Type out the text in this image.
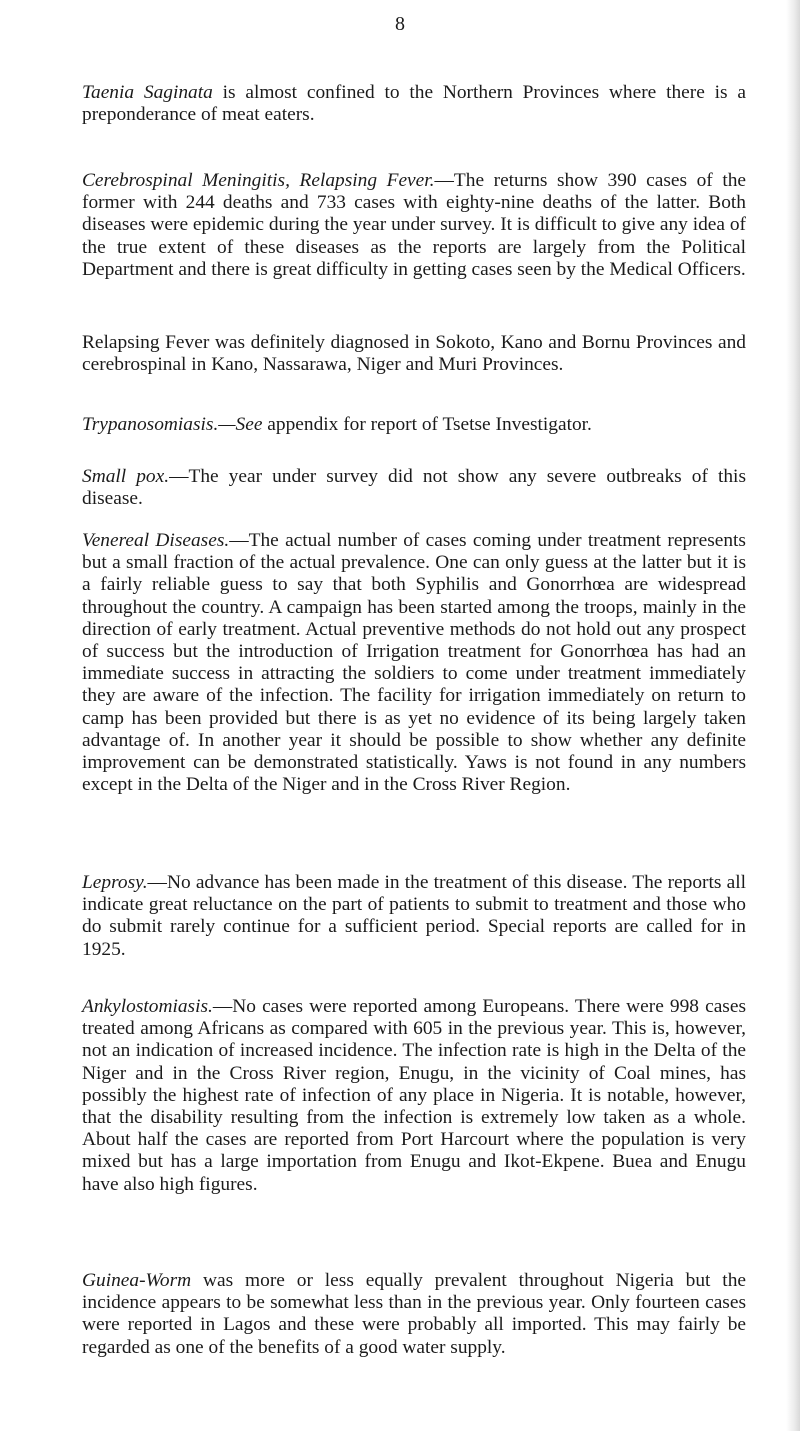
8

Taenia Saginata is almost confined to the Northern Provinces where there is a preponderance of meat eaters.

Cerebrospinal Meningitis, Relapsing Fever.—The returns show 390 cases of the former with 244 deaths and 733 cases with eighty-nine deaths of the latter. Both diseases were epidemic during the year under survey. It is difficult to give any idea of the true extent of these diseases as the reports are largely from the Political Department and there is great difficulty in getting cases seen by the Medical Officers.

Relapsing Fever was definitely diagnosed in Sokoto, Kano and Bornu Provinces and cerebrospinal in Kano, Nassarawa, Niger and Muri Provinces.

Trypanosomiasis.—See appendix for report of Tsetse Investigator.

Small pox.—The year under survey did not show any severe outbreaks of this disease.

Venereal Diseases.—The actual number of cases coming under treatment represents but a small fraction of the actual prevalence. One can only guess at the latter but it is a fairly reliable guess to say that both Syphilis and Gonorrhœa are widespread throughout the country. A campaign has been started among the troops, mainly in the direction of early treatment. Actual preventive methods do not hold out any prospect of success but the introduction of Irrigation treatment for Gonorrhœa has had an immediate success in attracting the soldiers to come under treatment immediately they are aware of the infection. The facility for irrigation immediately on return to camp has been provided but there is as yet no evidence of its being largely taken advantage of. In another year it should be possible to show whether any definite improvement can be demonstrated statistically. Yaws is not found in any numbers except in the Delta of the Niger and in the Cross River Region.

Leprosy.—No advance has been made in the treatment of this disease. The reports all indicate great reluctance on the part of patients to submit to treatment and those who do submit rarely continue for a sufficient period. Special reports are called for in 1925.

Ankylostomiasis.—No cases were reported among Europeans. There were 998 cases treated among Africans as compared with 605 in the previous year. This is, however, not an indication of increased incidence. The infection rate is high in the Delta of the Niger and in the Cross River region, Enugu, in the vicinity of Coal mines, has possibly the highest rate of infection of any place in Nigeria. It is notable, however, that the disability resulting from the infection is extremely low taken as a whole. About half the cases are reported from Port Harcourt where the population is very mixed but has a large importation from Enugu and Ikot-Ekpene. Buea and Enugu have also high figures.

Guinea-Worm was more or less equally prevalent throughout Nigeria but the incidence appears to be somewhat less than in the previous year. Only fourteen cases were reported in Lagos and these were probably all imported. This may fairly be regarded as one of the benefits of a good water supply.
